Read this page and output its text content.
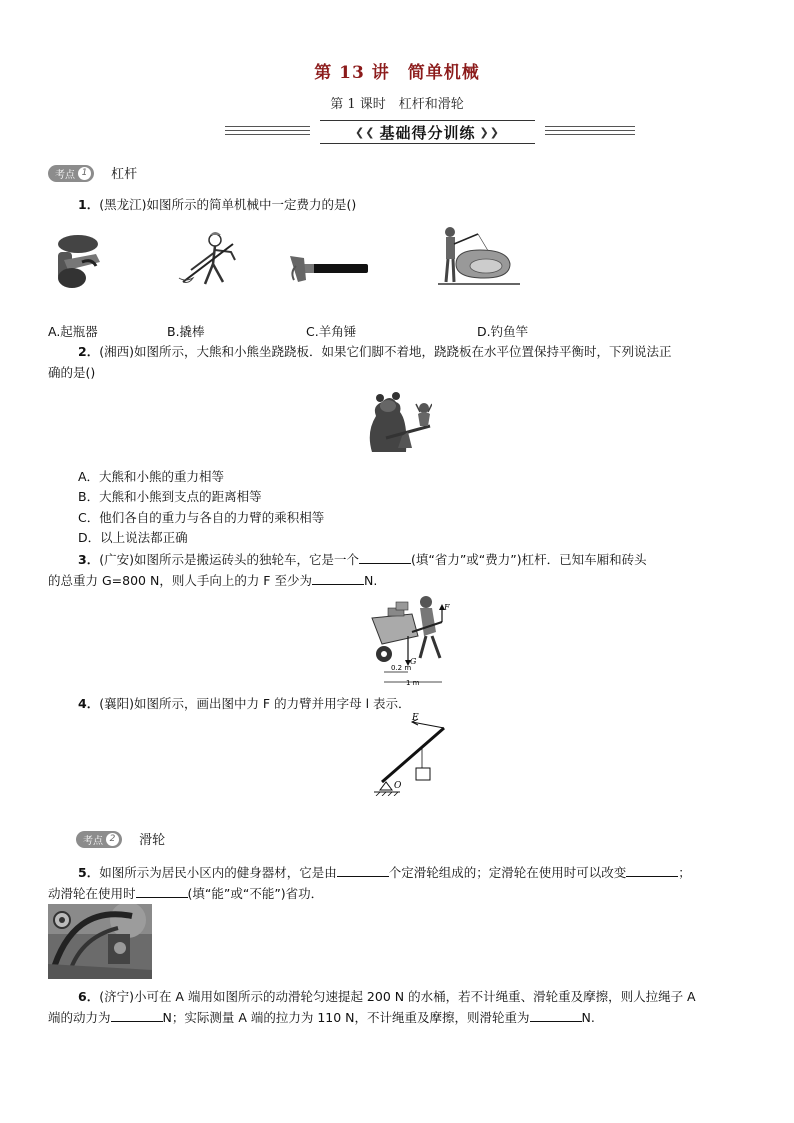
第 13 讲　简单机械
第 1 课时　杠杆和滑轮
❮❮ 基础得分训练 ❯❯
考点 1 杠杆
1．(黑龙江)如图所示的简单机械中一定费力的是()
A.起瓶器	B.撬棒	C.羊角锤	D.钓鱼竿
2．(湘西)如图所示，大熊和小熊坐跷跷板．如果它们脚不着地，跷跷板在水平位置保持平衡时，下列说法正
确的是()
A．大熊和小熊的重力相等
B．大熊和小熊到支点的距离相等
C．他们各自的重力与各自的力臂的乘积相等
D．以上说法都正确
3．(广安)如图所示是搬运砖头的独轮车，它是一个	(填“省力”或“费力”)杠杆．已知车厢和砖头
的总重力 G=800 N，则人手向上的力 F 至少为	N.
G
F
0.2 m
1 m
4．(襄阳)如图所示，画出图中力 F 的力臂并用字母 l 表示．
F
O
考点 2 滑轮
5．如图所示为居民小区内的健身器材，它是由	个定滑轮组成的；定滑轮在使用时可以改变	；
动滑轮在使用时	(填“能”或“不能”)省功．
6．(济宁)小可在 A 端用如图所示的动滑轮匀速提起 200 N 的水桶，若不计绳重、滑轮重及摩擦，则人拉绳子 A
端的动力为	N；实际测量 A 端的拉力为 110 N，不计绳重及摩擦，则滑轮重为	N.
